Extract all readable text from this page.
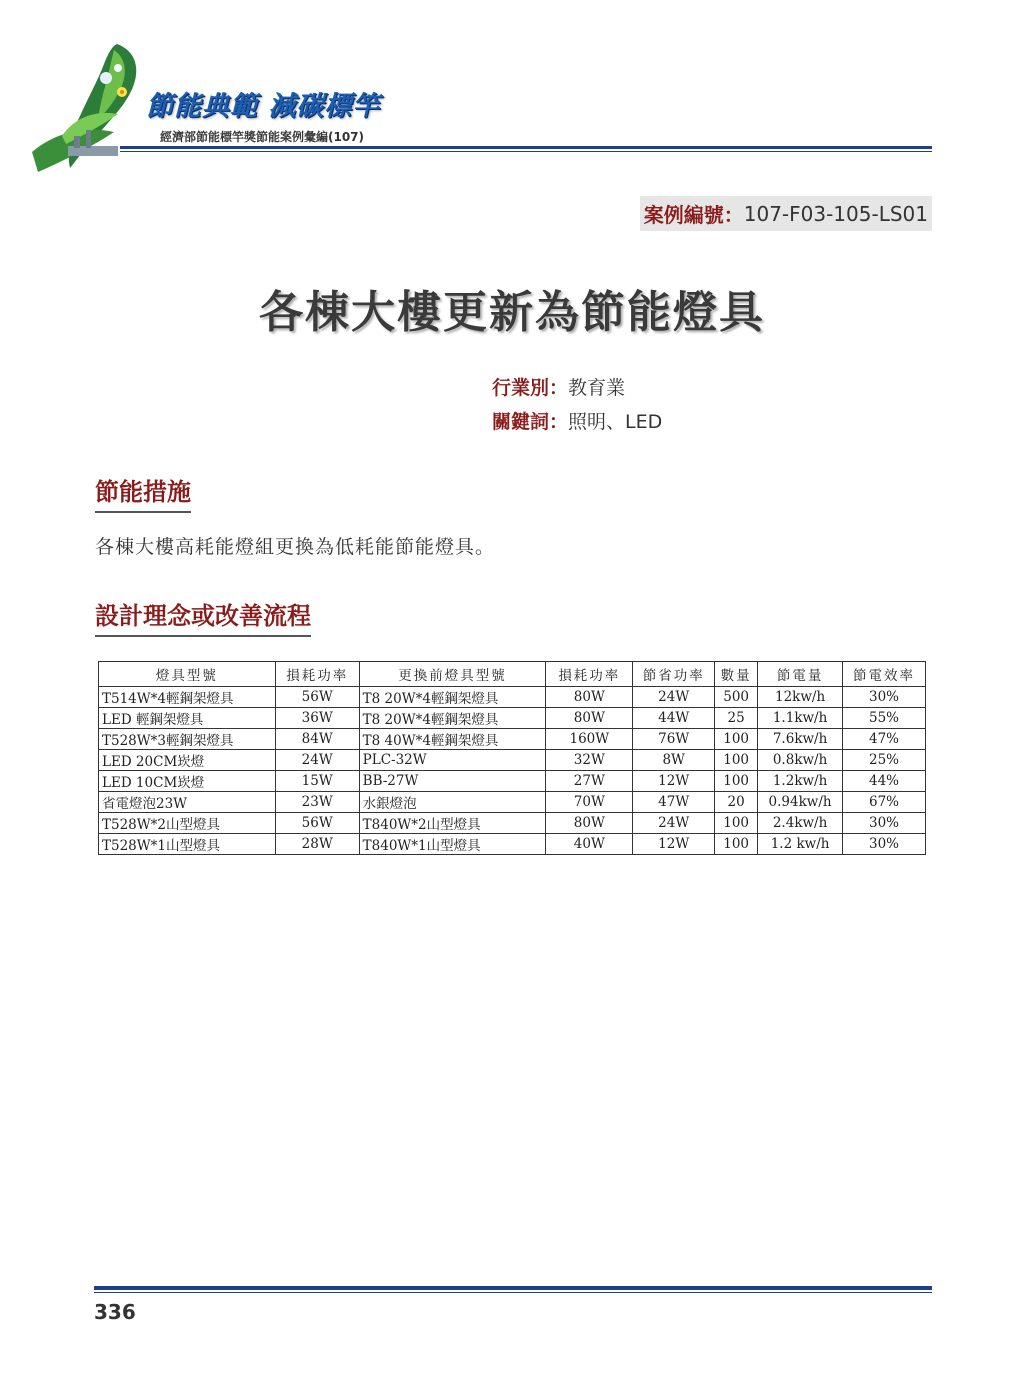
節能典範 減碳標竿
經濟部節能標竿獎節能案例彙編(107)
案例編號： 107-F03-105-LS01
各棟大樓更新為節能燈具
行業別：教育業
關鍵詞：照明、LED
節能措施
各棟大樓高耗能燈組更換為低耗能節能燈具。
設計理念或改善流程
燈具型號	損耗功率	更換前燈具型號	損耗功率	節省功率	數量	節電量	節電效率
T514W*4輕鋼架燈具	56W	T8 20W*4輕鋼架燈具	80W	24W	500	12kw/h	30%
LED 輕鋼架燈具	36W	T8 20W*4輕鋼架燈具	80W	44W	25	1.1kw/h	55%
T528W*3輕鋼架燈具	84W	T8 40W*4輕鋼架燈具	160W	76W	100	7.6kw/h	47%
LED 20CM崁燈	24W	PLC-32W	32W	8W	100	0.8kw/h	25%
LED 10CM崁燈	15W	BB-27W	27W	12W	100	1.2kw/h	44%
省電燈泡23W	23W	水銀燈泡	70W	47W	20	0.94kw/h	67%
T528W*2山型燈具	56W	T840W*2山型燈具	80W	24W	100	2.4kw/h	30%
T528W*1山型燈具	28W	T840W*1山型燈具	40W	12W	100	1.2 kw/h	30%
336
